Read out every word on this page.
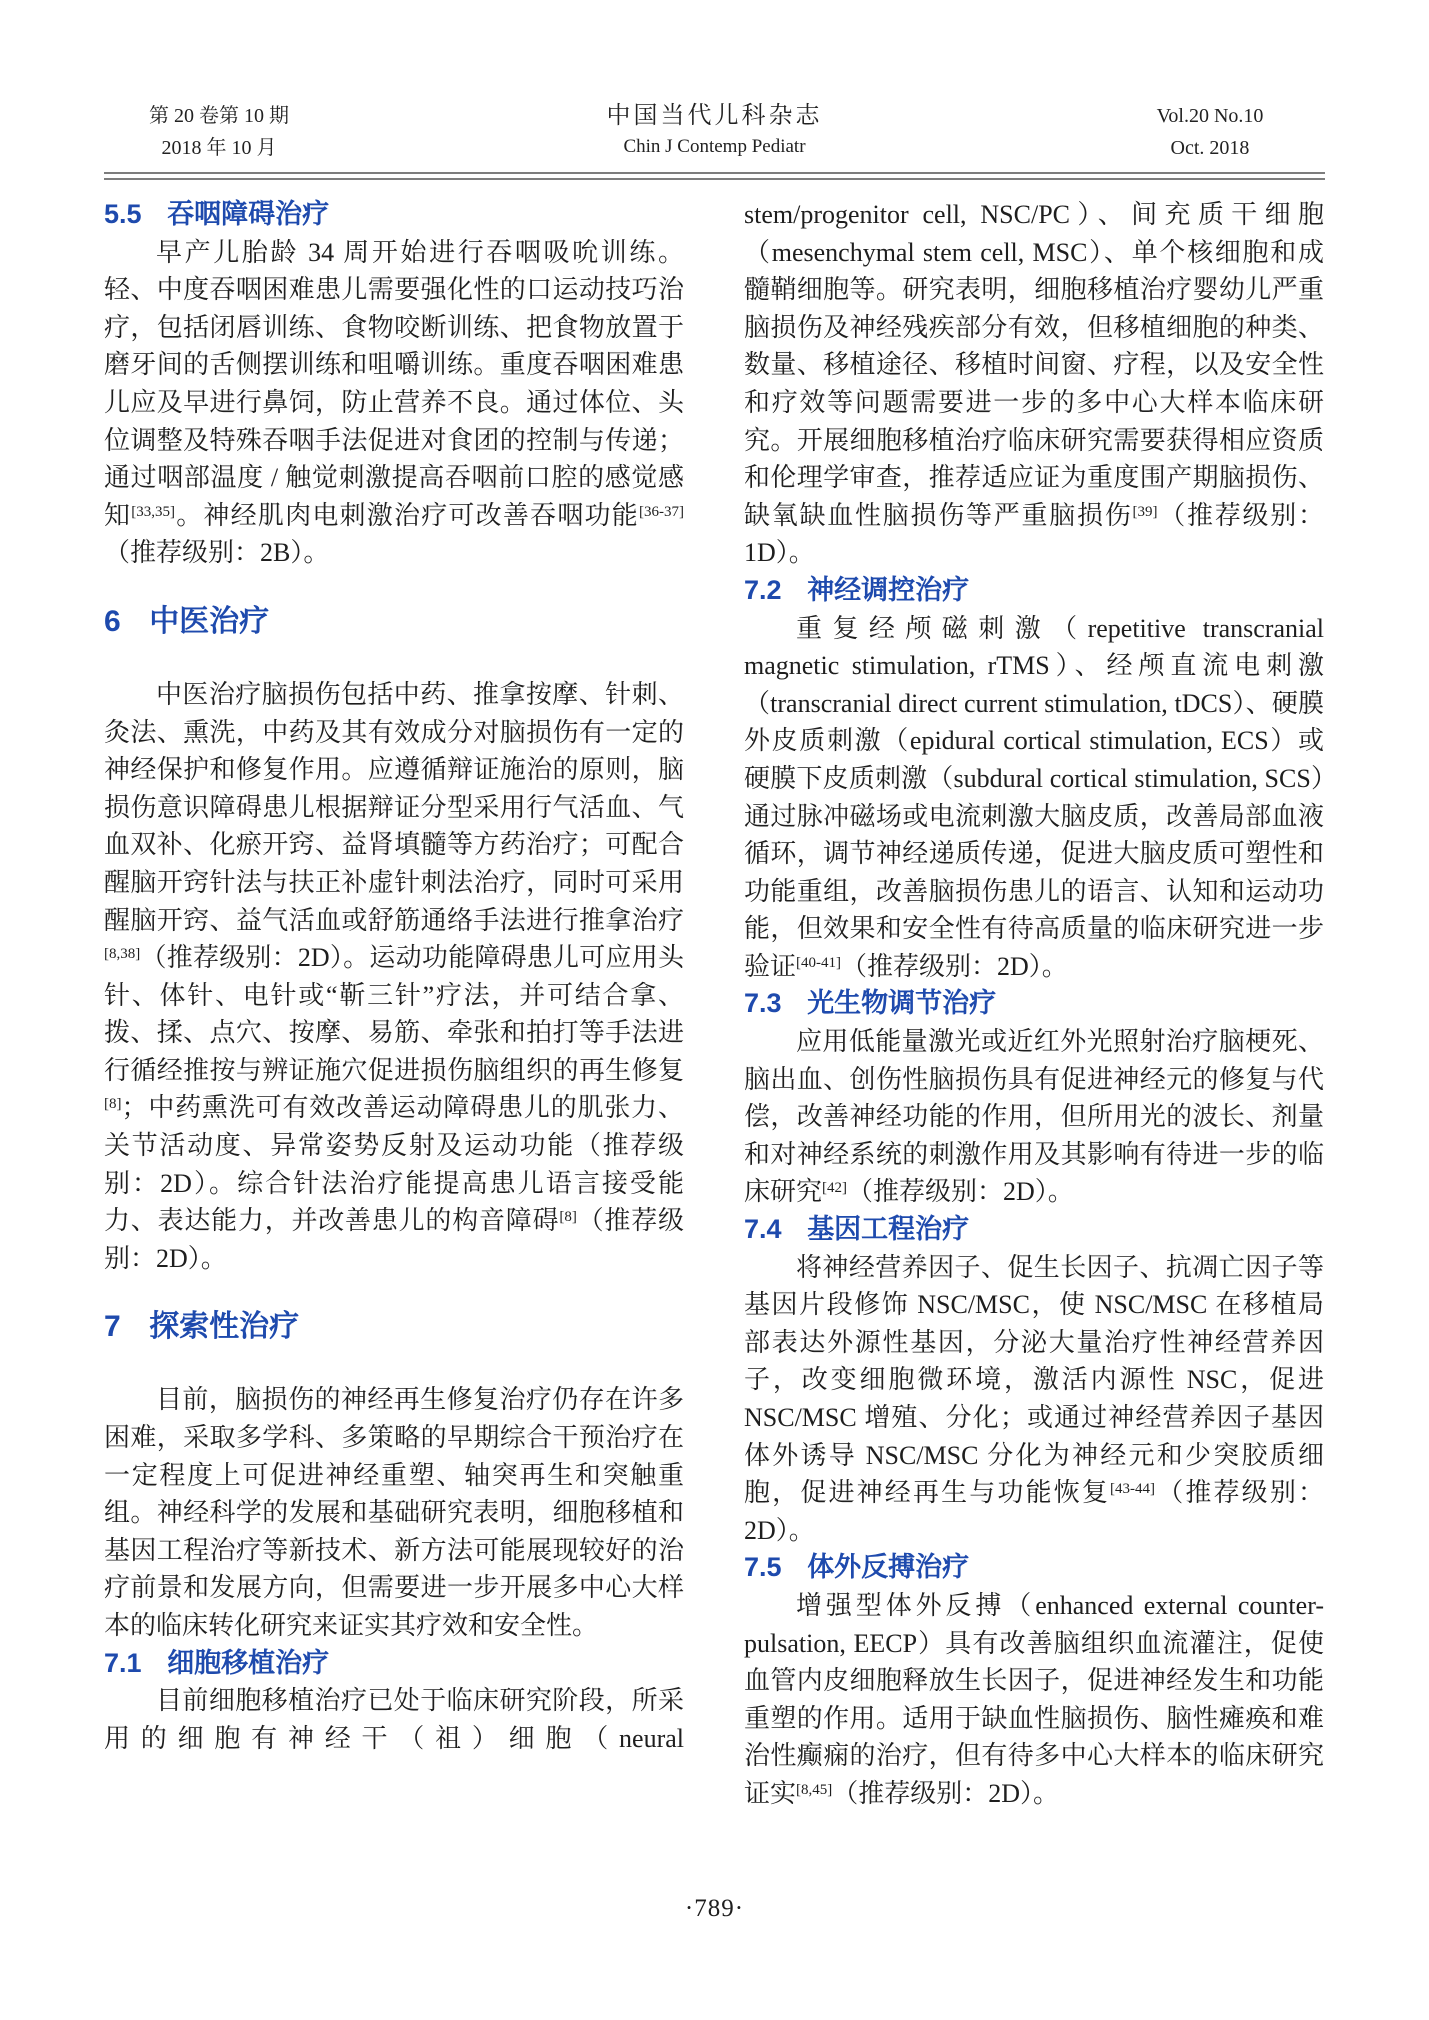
第 20 卷第 10 期
2018 年 10 月
中国当代儿科杂志
Chin J Contemp Pediatr
Vol.20 No.10
Oct. 2018
5.5 吞咽障碍治疗

早产儿胎龄 34 周开始进行吞咽吸吮训练。轻、中度吞咽困难患儿需要强化性的口运动技巧治疗，包括闭唇训练、食物咬断训练、把食物放置于磨牙间的舌侧摆训练和咀嚼训练。重度吞咽困难患儿应及早进行鼻饲，防止营养不良。通过体位、头位调整及特殊吞咽手法促进对食团的控制与传递；通过咽部温度 / 触觉刺激提高吞咽前口腔的感觉感知[33,35]。神经肌肉电刺激治疗可改善吞咽功能[36-37]（推荐级别：2B）。

6 中医治疗

中医治疗脑损伤包括中药、推拿按摩、针刺、灸法、熏洗，中药及其有效成分对脑损伤有一定的神经保护和修复作用。应遵循辩证施治的原则，脑损伤意识障碍患儿根据辩证分型采用行气活血、气血双补、化瘀开窍、益肾填髓等方药治疗；可配合醒脑开窍针法与扶正补虚针刺法治疗，同时可采用醒脑开窍、益气活血或舒筋通络手法进行推拿治疗[8,38]（推荐级别：2D）。运动功能障碍患儿可应用头针、体针、电针或“靳三针”疗法，并可结合拿、拨、揉、点穴、按摩、易筋、牵张和拍打等手法进行循经推按与辨证施穴促进损伤脑组织的再生修复[8]；中药熏洗可有效改善运动障碍患儿的肌张力、关节活动度、异常姿势反射及运动功能（推荐级别：2D）。综合针法治疗能提高患儿语言接受能力、表达能力，并改善患儿的构音障碍[8]（推荐级别：2D）。

7 探索性治疗

目前，脑损伤的神经再生修复治疗仍存在许多困难，采取多学科、多策略的早期综合干预治疗在一定程度上可促进神经重塑、轴突再生和突触重组。神经科学的发展和基础研究表明，细胞移植和基因工程治疗等新技术、新方法可能展现较好的治疗前景和发展方向，但需要进一步开展多中心大样本的临床转化研究来证实其疗效和安全性。

7.1 细胞移植治疗

目前细胞移植治疗已处于临床研究阶段，所采用的细胞有神经干（祖）细胞（neural

stem/progenitor cell, NSC/PC）、间充质干细胞（mesenchymal stem cell, MSC）、单个核细胞和成髓鞘细胞等。研究表明，细胞移植治疗婴幼儿严重脑损伤及神经残疾部分有效，但移植细胞的种类、数量、移植途径、移植时间窗、疗程，以及安全性和疗效等问题需要进一步的多中心大样本临床研究。开展细胞移植治疗临床研究需要获得相应资质和伦理学审查，推荐适应证为重度围产期脑损伤、缺氧缺血性脑损伤等严重脑损伤[39]（推荐级别：1D）。

7.2 神经调控治疗

重复经颅磁刺激（repetitive transcranial magnetic stimulation, rTMS）、经颅直流电刺激（transcranial direct current stimulation, tDCS）、硬膜外皮质刺激（epidural cortical stimulation, ECS）或硬膜下皮质刺激（subdural cortical stimulation, SCS）通过脉冲磁场或电流刺激大脑皮质，改善局部血液循环，调节神经递质传递，促进大脑皮质可塑性和功能重组，改善脑损伤患儿的语言、认知和运动功能，但效果和安全性有待高质量的临床研究进一步验证[40-41]（推荐级别：2D）。

7.3 光生物调节治疗

应用低能量激光或近红外光照射治疗脑梗死、脑出血、创伤性脑损伤具有促进神经元的修复与代偿，改善神经功能的作用，但所用光的波长、剂量和对神经系统的刺激作用及其影响有待进一步的临床研究[42]（推荐级别：2D）。

7.4 基因工程治疗

将神经营养因子、促生长因子、抗凋亡因子等基因片段修饰 NSC/MSC，使 NSC/MSC 在移植局部表达外源性基因，分泌大量治疗性神经营养因子，改变细胞微环境，激活内源性 NSC，促进 NSC/MSC 增殖、分化；或通过神经营养因子基因体外诱导 NSC/MSC 分化为神经元和少突胶质细胞，促进神经再生与功能恢复[43-44]（推荐级别：2D）。

7.5 体外反搏治疗

增强型体外反搏（enhanced external counter-pulsation, EECP）具有改善脑组织血流灌注，促使血管内皮细胞释放生长因子，促进神经发生和功能重塑的作用。适用于缺血性脑损伤、脑性瘫痪和难治性癫痫的治疗，但有待多中心大样本的临床研究证实[8,45]（推荐级别：2D）。

·789·
